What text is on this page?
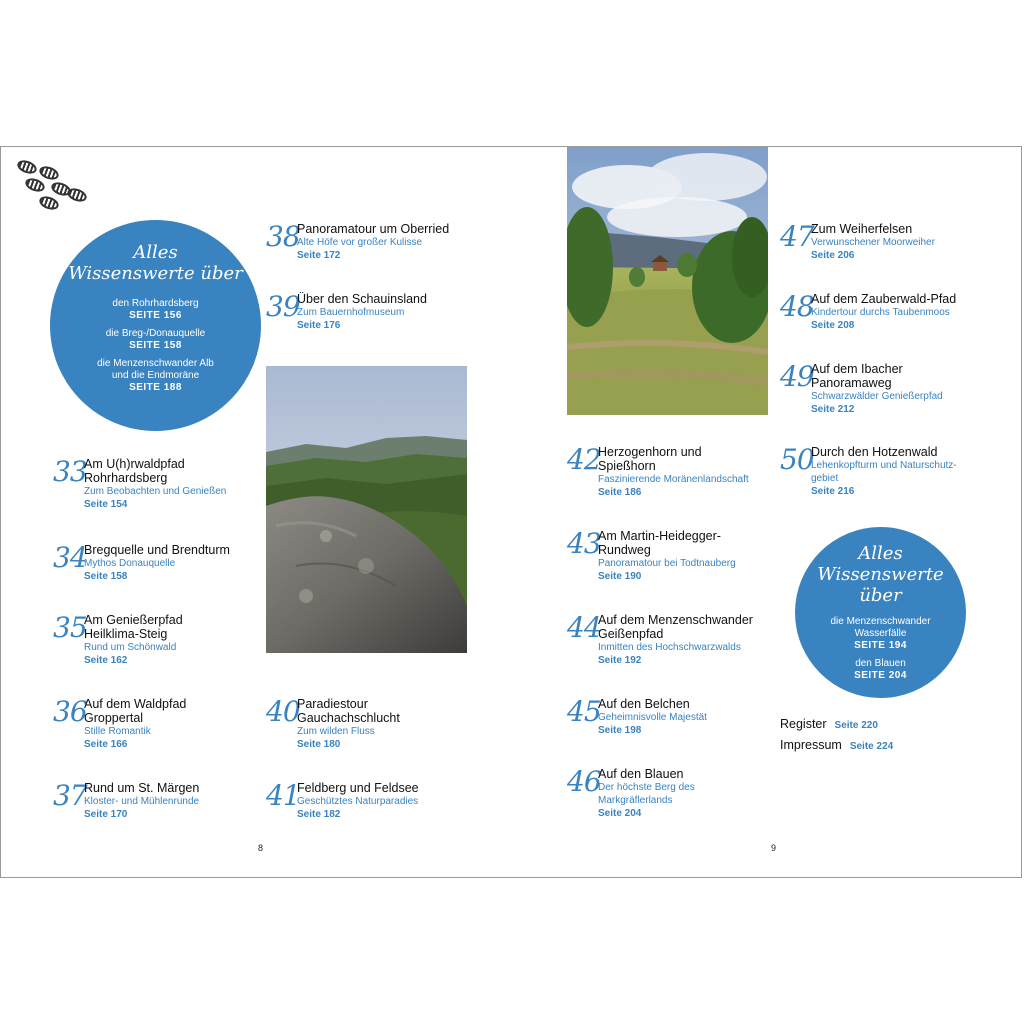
Alles
Wissenswerte über
den Rohrhardsberg
SEITE 156
die Breg-/Donauquelle
SEITE 158
die Menzenschwander Alb
und die Endmoräne
SEITE 188
33
Am U(h)rwaldpfad
Rohrhardsberg
Zum Beobachten und Genießen
Seite 154
34
Bregquelle und Brendturm
Mythos Donauquelle
Seite 158
35
Am Genießerpfad
Heilklima-Steig
Rund um Schönwald
Seite 162
36
Auf dem Waldpfad
Groppertal
Stille Romantik
Seite 166
37
Rund um St. Märgen
Kloster- und Mühlenrunde
Seite 170
38
Panoramatour um Oberried
Alte Höfe vor großer Kulisse
Seite 172
39
Über den Schauinsland
Zum Bauernhofmuseum
Seite 176
40
Paradiestour
Gauchachschlucht
Zum wilden Fluss
Seite 180
41
Feldberg und Feldsee
Geschütztes Naturparadies
Seite 182
8
42
Herzogenhorn und
Spießhorn
Faszinierende Moränenlandschaft
Seite 186
43
Am Martin-Heidegger-
Rundweg
Panoramatour bei Todtnauberg
Seite 190
44
Auf dem Menzenschwander
Geißenpfad
Inmitten des Hochschwarzwalds
Seite 192
45
Auf den Belchen
Geheimnisvolle Majestät
Seite 198
46
Auf den Blauen
Der höchste Berg des
Markgräflerlands
Seite 204
9
47
Zum Weiherfelsen
Verwunschener Moorweiher
Seite 206
48
Auf dem Zauberwald-Pfad
Kindertour durchs Taubenmoos
Seite 208
49
Auf dem Ibacher
Panoramaweg
Schwarzwälder Genießerpfad
Seite 212
50
Durch den Hotzenwald
Lehenkopfturm und Naturschutz-
gebiet
Seite 216
Alles
Wissenswerte über
die Menzenschwander
Wasserfälle
SEITE 194
den Blauen
SEITE 204
Register Seite 220
Impressum Seite 224
